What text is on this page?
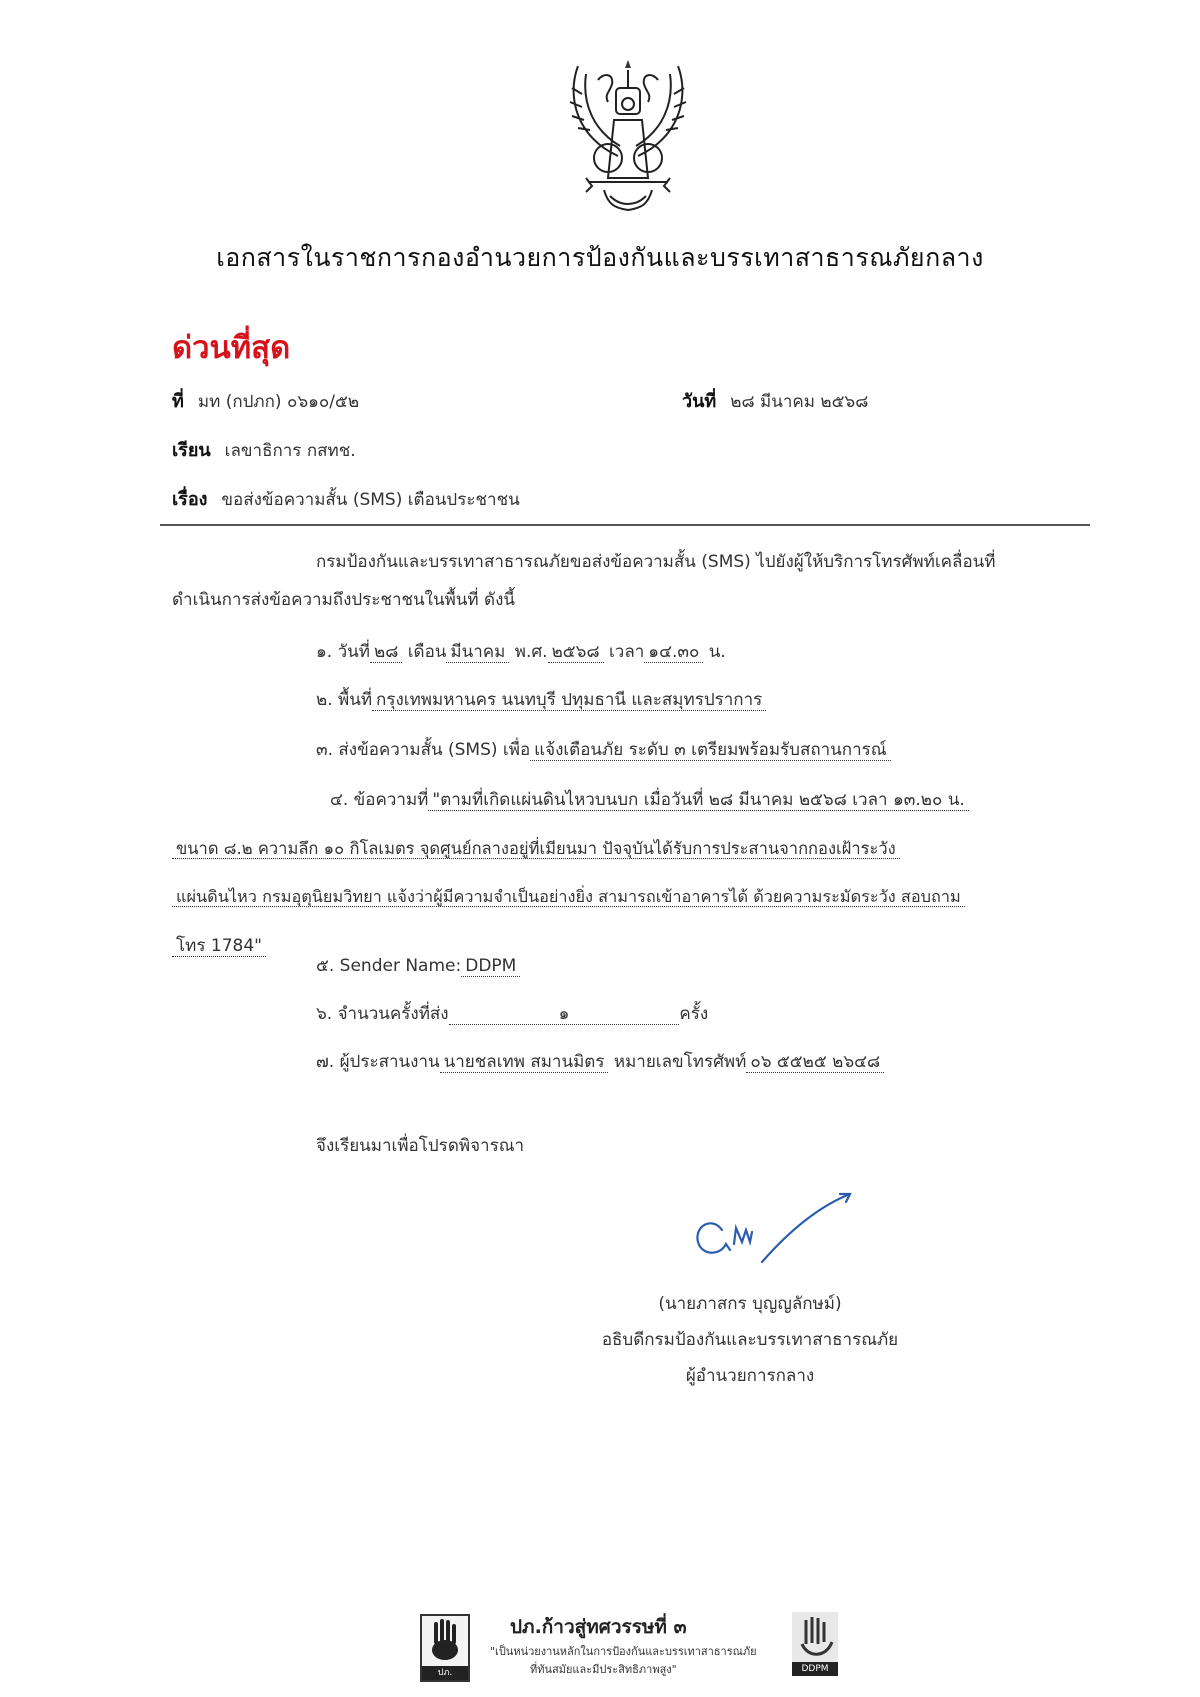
เอกสารในราชการกองอำนวยการป้องกันและบรรเทาสาธารณภัยกลาง
ด่วนที่สุด
ที่ มท (กปภก) ๐๖๑๐/๕๒	วันที่ ๒๘ มีนาคม ๒๕๖๘
เรียน เลขาธิการ กสทช.
เรื่อง ขอส่งข้อความสั้น (SMS) เตือนประชาชน
กรมป้องกันและบรรเทาสาธารณภัยขอส่งข้อความสั้น (SMS) ไปยังผู้ให้บริการโทรศัพท์เคลื่อนที่
ดำเนินการส่งข้อความถึงประชาชนในพื้นที่ ดังนี้
๑. วันที่ ๒๘ เดือน มีนาคม พ.ศ. ๒๕๖๘ เวลา ๑๔.๓๐ น.
๒. พื้นที่ กรุงเทพมหานคร นนทบุรี ปทุมธานี และสมุทรปราการ
๓. ส่งข้อความสั้น (SMS) เพื่อ แจ้งเตือนภัย ระดับ ๓ เตรียมพร้อมรับสถานการณ์
๔. ข้อความที่ "ตามที่เกิดแผ่นดินไหวบนบก เมื่อวันที่ ๒๘ มีนาคม ๒๕๖๘ เวลา ๑๓.๒๐ น.
ขนาด ๘.๒ ความลึก ๑๐ กิโลเมตร จุดศูนย์กลางอยู่ที่เมียนมา ปัจจุบันได้รับการประสานจากกองเฝ้าระวัง
แผ่นดินไหว กรมอุตุนิยมวิทยา แจ้งว่าผู้มีความจำเป็นอย่างยิ่ง สามารถเข้าอาคารได้ ด้วยความระมัดระวัง สอบถาม
โทร 1784"
๕. Sender Name: DDPM
๖. จำนวนครั้งที่ส่ง	๑	ครั้ง
๗. ผู้ประสานงาน นายชลเทพ สมานมิตร หมายเลขโทรศัพท์ ๐๖ ๕๕๒๕ ๒๖๔๘
จึงเรียนมาเพื่อโปรดพิจารณา
(นายภาสกร บุญญลักษม์)
อธิบดีกรมป้องกันและบรรเทาสาธารณภัย
ผู้อำนวยการกลาง
ปภ.
ปภ.ก้าวสู่ทศวรรษที่ ๓
"เป็นหน่วยงานหลักในการป้องกันและบรรเทาสาธารณภัย
ที่ทันสมัยและมีประสิทธิภาพสูง"	DDPM
